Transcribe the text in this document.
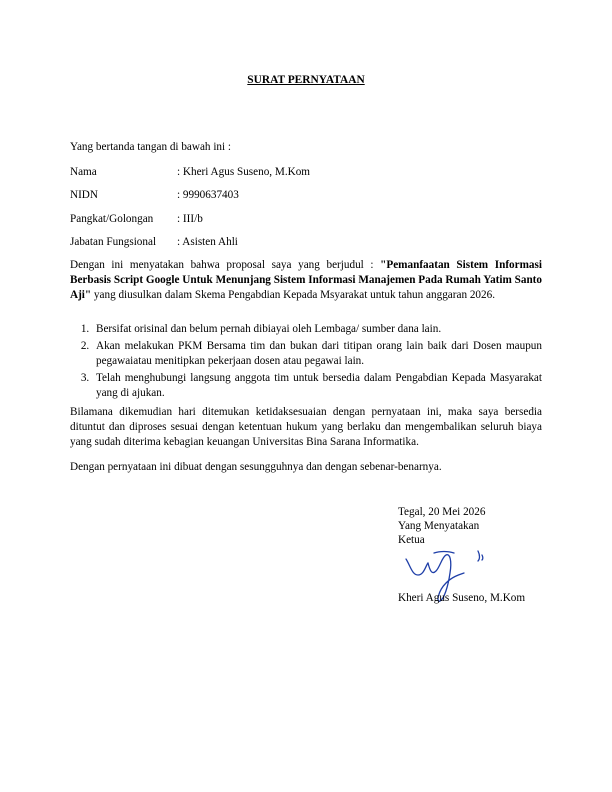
SURAT PERNYATAAN
Yang bertanda tangan di bawah ini :
Nama	: Kheri Agus Suseno, M.Kom
NIDN	: 9990637403
Pangkat/Golongan : III/b
Jabatan Fungsional : Asisten Ahli
Dengan ini menyatakan bahwa proposal saya yang berjudul : "Pemanfaatan Sistem Informasi Berbasis Script Google Untuk Menunjang Sistem Informasi Manajemen Pada Rumah Yatim Santo Aji" yang diusulkan dalam Skema Pengabdian Kepada Msyarakat untuk tahun anggaran 2026.
1. Bersifat orisinal dan belum pernah dibiayai oleh Lembaga/ sumber dana lain.
2. Akan melakukan PKM Bersama tim dan bukan dari titipan orang lain baik dari Dosen maupun pegawaiatau menitipkan pekerjaan dosen atau pegawai lain.
3. Telah menghubungi langsung anggota tim untuk bersedia dalam Pengabdian Kepada Masyarakat yang di ajukan.
Bilamana dikemudian hari ditemukan ketidaksesuaian dengan pernyataan ini, maka saya bersedia dituntut dan diproses sesuai dengan ketentuan hukum yang berlaku dan mengembalikan seluruh biaya yang sudah diterima kebagian keuangan Universitas Bina Sarana Informatika.
Dengan pernyataan ini dibuat dengan sesungguhnya dan dengan sebenar-benarnya.
Tegal, 20 Mei 2026
Yang Menyatakan
Ketua
Kheri Agus Suseno, M.Kom
